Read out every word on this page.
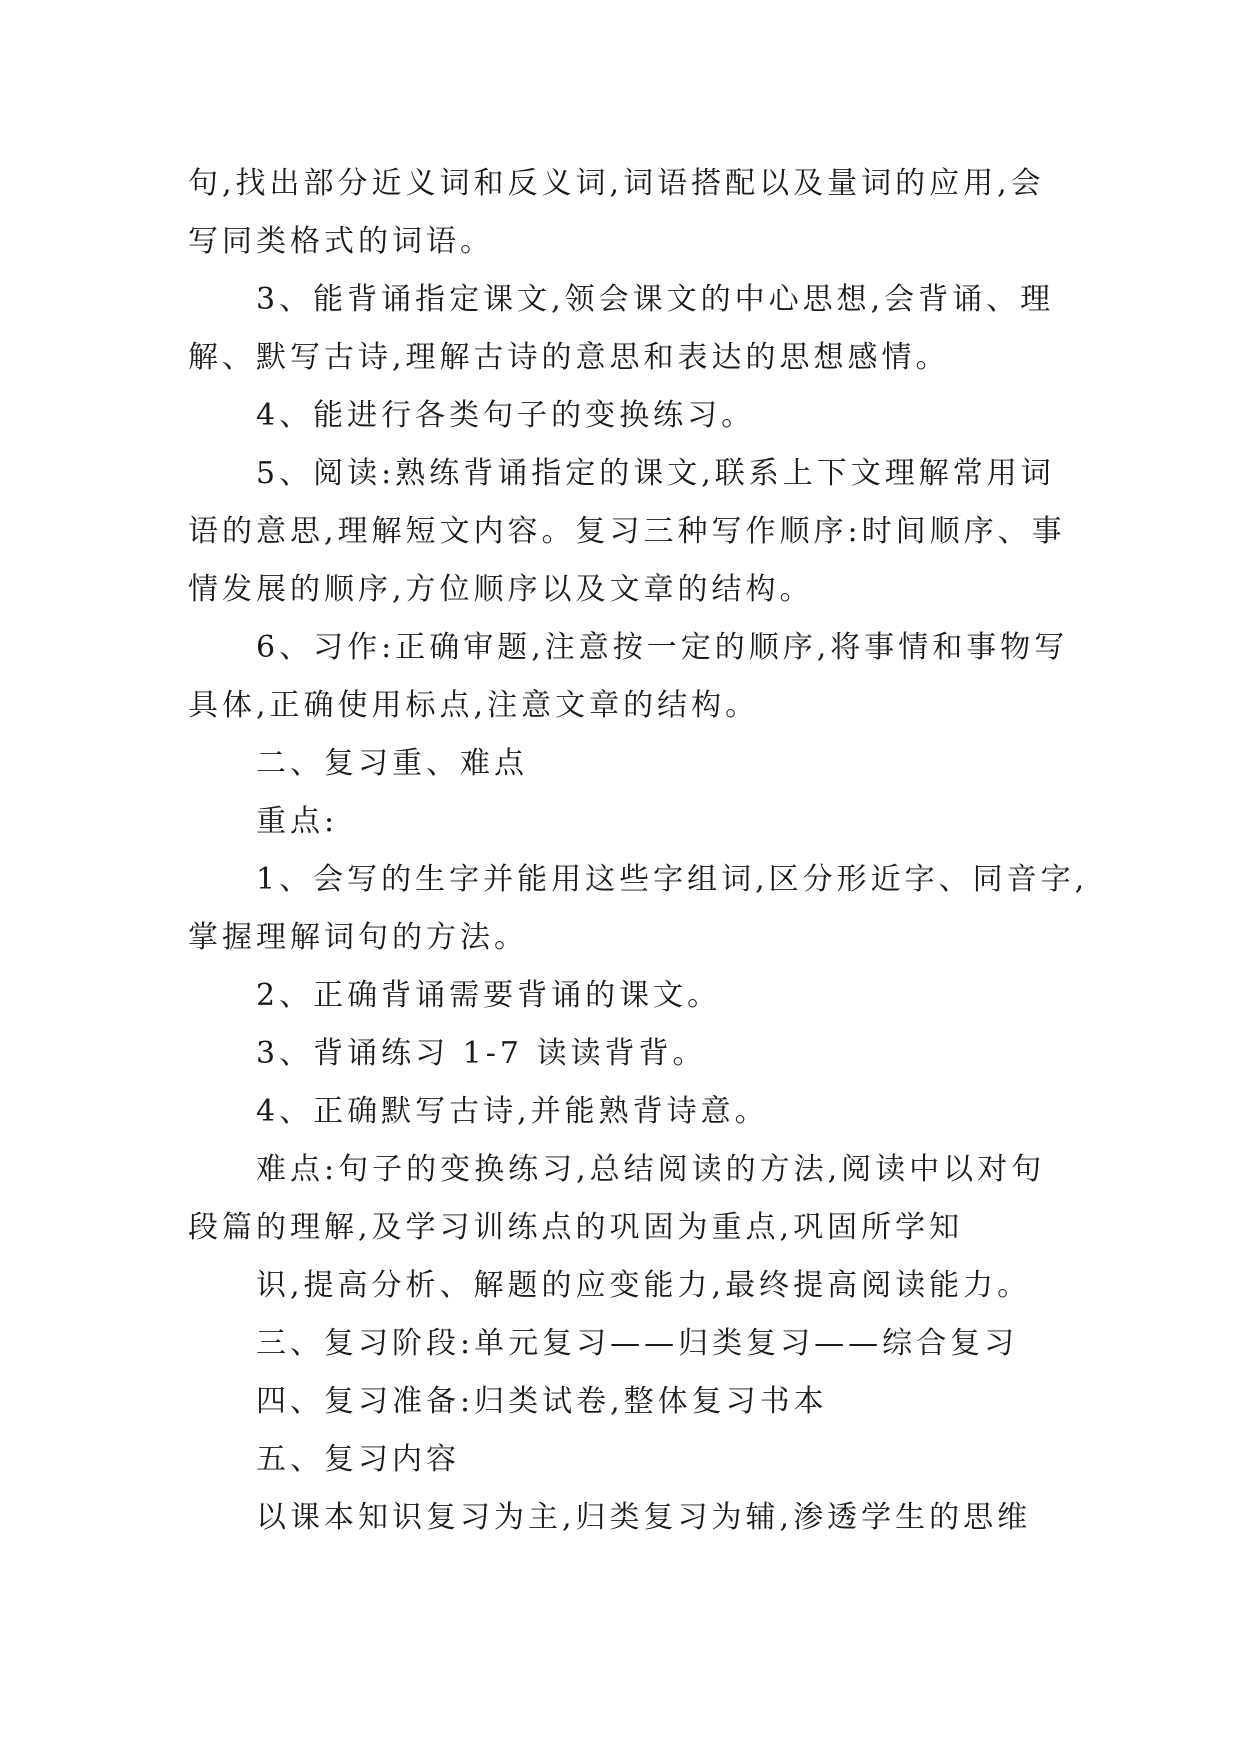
句,找出部分近义词和反义词,词语搭配以及量词的应用,会
写同类格式的词语。
3、能背诵指定课文,领会课文的中心思想,会背诵、理
解、默写古诗,理解古诗的意思和表达的思想感情。
4、能进行各类句子的变换练习。
5、阅读:熟练背诵指定的课文,联系上下文理解常用词
语的意思,理解短文内容。复习三种写作顺序:时间顺序、事
情发展的顺序,方位顺序以及文章的结构。
6、习作:正确审题,注意按一定的顺序,将事情和事物写
具体,正确使用标点,注意文章的结构。
二、复习重、难点
重点:
1、会写的生字并能用这些字组词,区分形近字、同音字,
掌握理解词句的方法。
2、正确背诵需要背诵的课文。
3、背诵练习 1-7 读读背背。
4、正确默写古诗,并能熟背诗意。
难点:句子的变换练习,总结阅读的方法,阅读中以对句
段篇的理解,及学习训练点的巩固为重点,巩固所学知
识,提高分析、解题的应变能力,最终提高阅读能力。
三、复习阶段:单元复习——归类复习——综合复习
四、复习准备:归类试卷,整体复习书本
五、复习内容
以课本知识复习为主,归类复习为辅,渗透学生的思维
